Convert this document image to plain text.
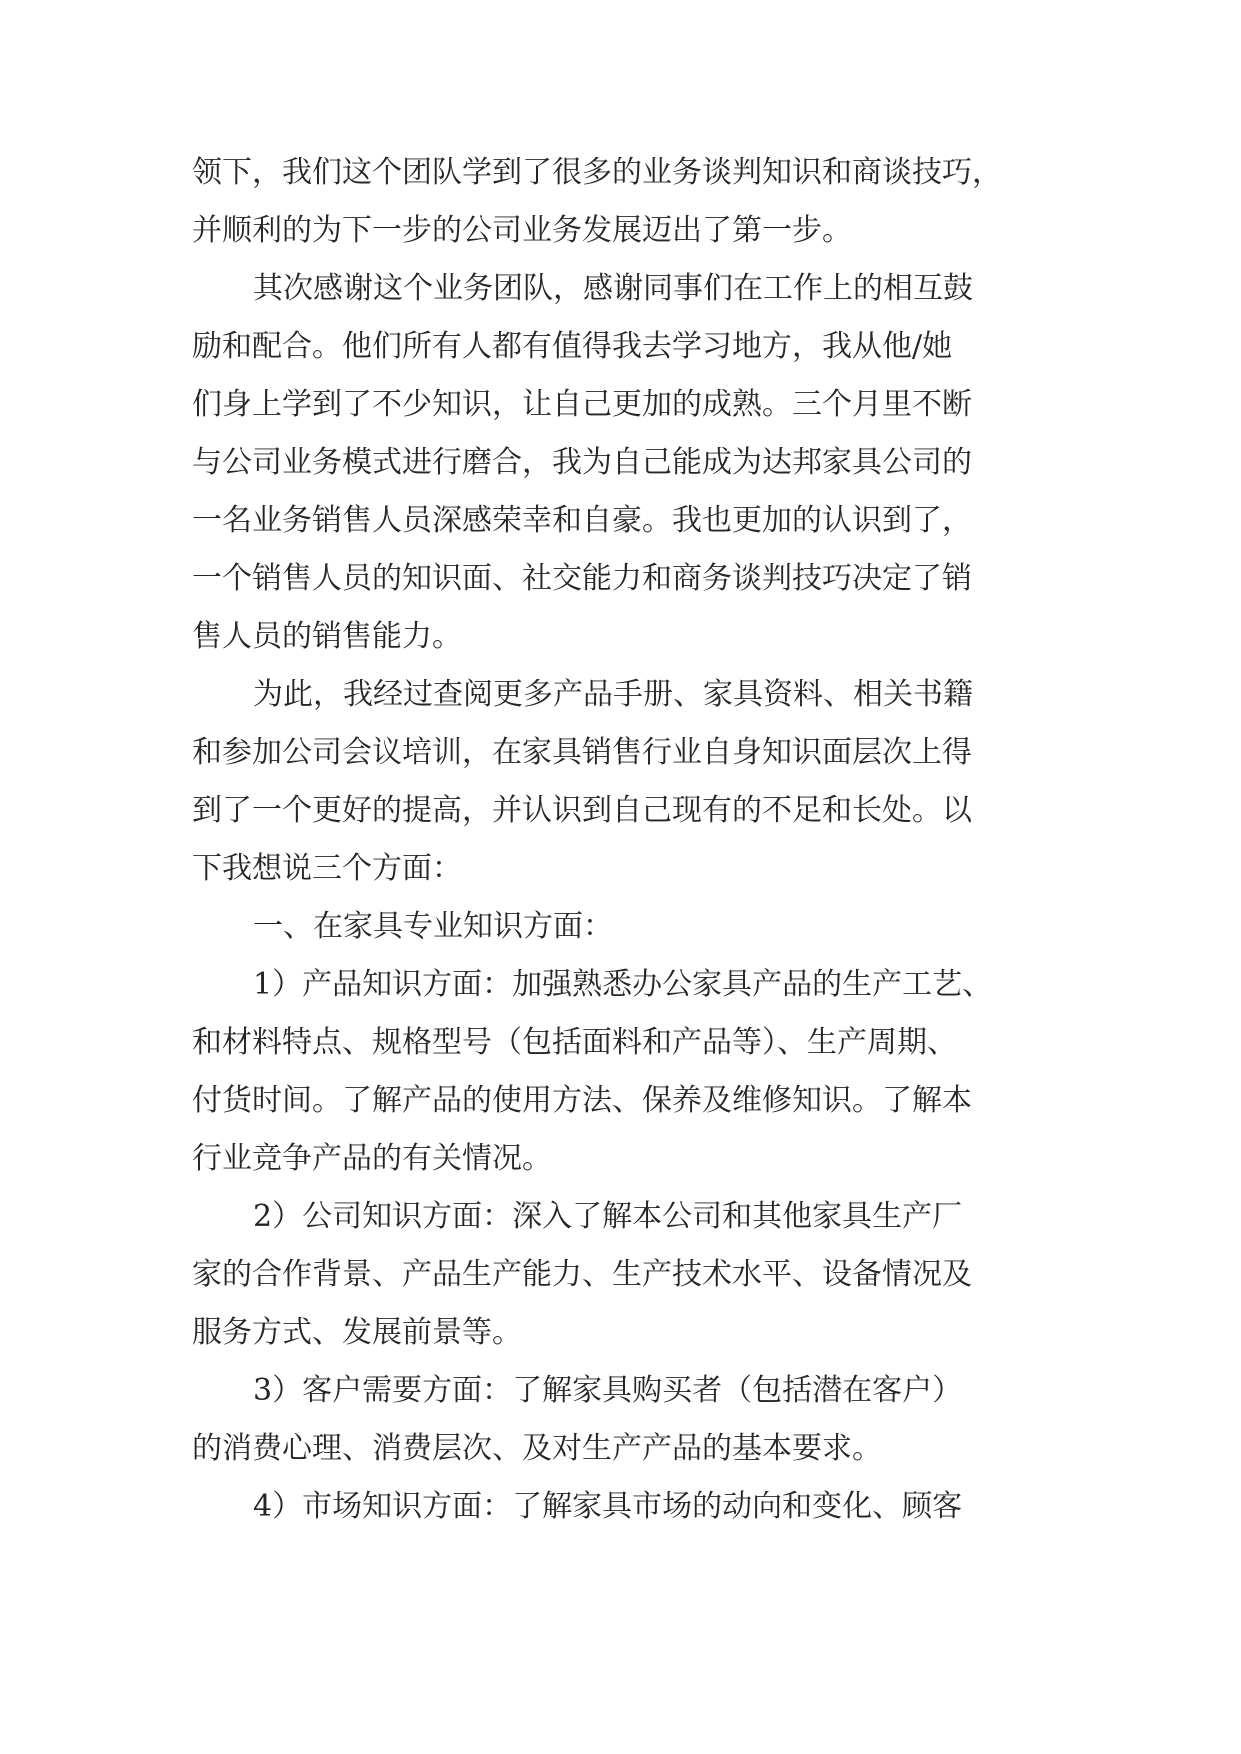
领下，我们这个团队学到了很多的业务谈判知识和商谈技巧，
并顺利的为下一步的公司业务发展迈出了第一步。
其次感谢这个业务团队，感谢同事们在工作上的相互鼓
励和配合。他们所有人都有值得我去学习地方，我从他/她
们身上学到了不少知识，让自己更加的成熟。三个月里不断
与公司业务模式进行磨合，我为自己能成为达邦家具公司的
一名业务销售人员深感荣幸和自豪。我也更加的认识到了，
一个销售人员的知识面、社交能力和商务谈判技巧决定了销
售人员的销售能力。
为此，我经过查阅更多产品手册、家具资料、相关书籍
和参加公司会议培训，在家具销售行业自身知识面层次上得
到了一个更好的提高，并认识到自己现有的不足和长处。以
下我想说三个方面：
一、在家具专业知识方面：
1）产品知识方面：加强熟悉办公家具产品的生产工艺、
和材料特点、规格型号（包括面料和产品等）、生产周期、
付货时间。了解产品的使用方法、保养及维修知识。了解本
行业竞争产品的有关情况。
2）公司知识方面：深入了解本公司和其他家具生产厂
家的合作背景、产品生产能力、生产技术水平、设备情况及
服务方式、发展前景等。
3）客户需要方面：了解家具购买者（包括潜在客户）
的消费心理、消费层次、及对生产产品的基本要求。
4）市场知识方面：了解家具市场的动向和变化、顾客
